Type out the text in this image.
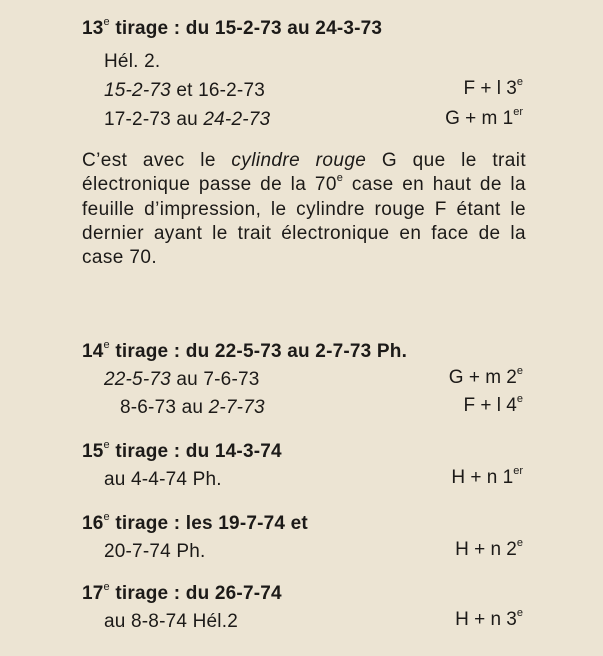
13e tirage : du 15-2-73 au 24-3-73
Hél. 2.
15-2-73 et 16-2-73	F + l 3e
17-2-73 au 24-2-73	G + m 1er
C’est avec le cylindre rouge G que le trait électronique passe de la 70e case en haut de la feuille d’impression, le cylindre rouge F étant le dernier ayant le trait électronique en face de la case 70.
14e tirage : du 22-5-73 au 2-7-73 Ph.
22-5-73 au 7-6-73	G + m 2e
8-6-73 au 2-7-73	F + l 4e
15e tirage : du 14-3-74
au 4-4-74 Ph.	H + n 1er
16e tirage : les 19-7-74 et
20-7-74 Ph.	H + n 2e
17e tirage : du 26-7-74
au 8-8-74 Hél.2	H + n 3e
